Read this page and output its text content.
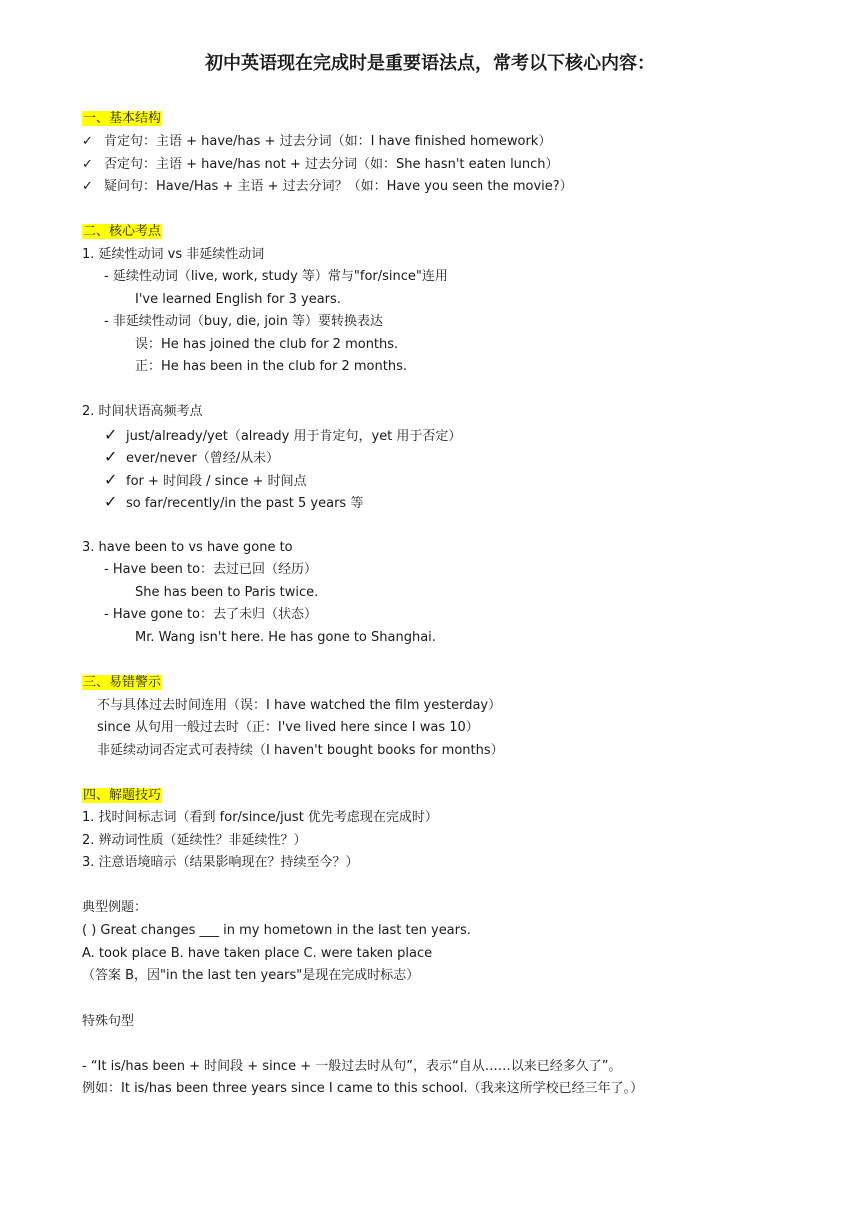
初中英语现在完成时是重要语法点，常考以下核心内容：
一、基本结构
✓ 肯定句：主语 + have/has + 过去分词（如：I have finished homework）
✓ 否定句：主语 + have/has not + 过去分词（如：She hasn't eaten lunch）
✓ 疑问句：Have/Has + 主语 + 过去分词？（如：Have you seen the movie?）
二、核心考点
1. 延续性动词 vs 非延续性动词
- 延续性动词（live, work, study 等）常与"for/since"连用
I've learned English for 3 years.
- 非延续性动词（buy, die, join 等）要转换表达
误：He has joined the club for 2 months.
正：He has been in the club for 2 months.
2. 时间状语高频考点
✓ just/already/yet（already 用于肯定句，yet 用于否定）
✓ ever/never（曾经/从未）
✓ for + 时间段 / since + 时间点
✓ so far/recently/in the past 5 years 等
3. have been to vs have gone to
- Have been to：去过已回（经历）
She has been to Paris twice.
- Have gone to：去了未归（状态）
Mr. Wang isn't here. He has gone to Shanghai.
三、易错警示
不与具体过去时间连用（误：I have watched the film yesterday）
since 从句用一般过去时（正：I've lived here since I was 10）
非延续动词否定式可表持续（I haven't bought books for months）
四、解题技巧
1. 找时间标志词（看到 for/since/just 优先考虑现在完成时）
2. 辨动词性质（延续性？非延续性？）
3. 注意语境暗示（结果影响现在？持续至今？）
典型例题：
( ) Great changes ___ in my hometown in the last ten years.
A. took place B. have taken place C. were taken place
（答案 B，因"in the last ten years"是现在完成时标志）
特殊句型
- “It is/has been + 时间段 + since + 一般过去时从句”，表示“自从……以来已经多久了”。
例如：It is/has been three years since I came to this school.（我来这所学校已经三年了。）
